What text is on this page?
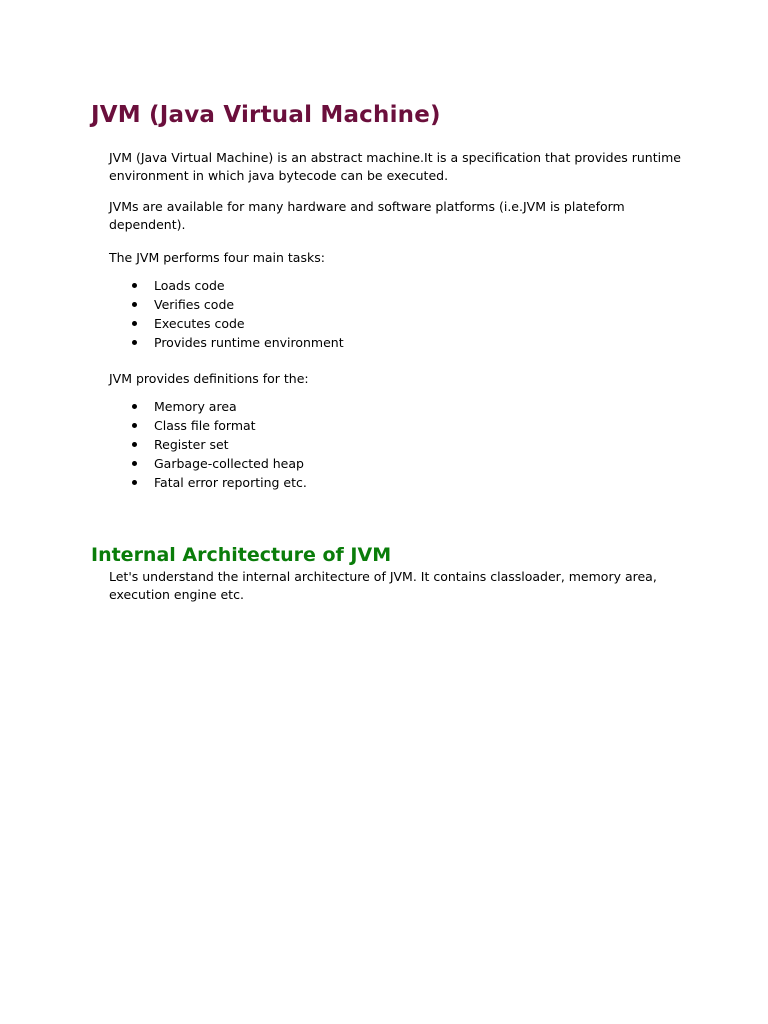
JVM (Java Virtual Machine)

JVM (Java Virtual Machine) is an abstract machine.It is a specification that provides runtime environment in which java bytecode can be executed.

JVMs are available for many hardware and software platforms (i.e.JVM is plateform dependent).

The JVM performs four main tasks:

Loads code
Verifies code
Executes code
Provides runtime environment

JVM provides definitions for the:

Memory area
Class file format
Register set
Garbage-collected heap
Fatal error reporting etc.
Internal Architecture of JVM

Let's understand the internal architecture of JVM. It contains classloader, memory area, execution engine etc.
